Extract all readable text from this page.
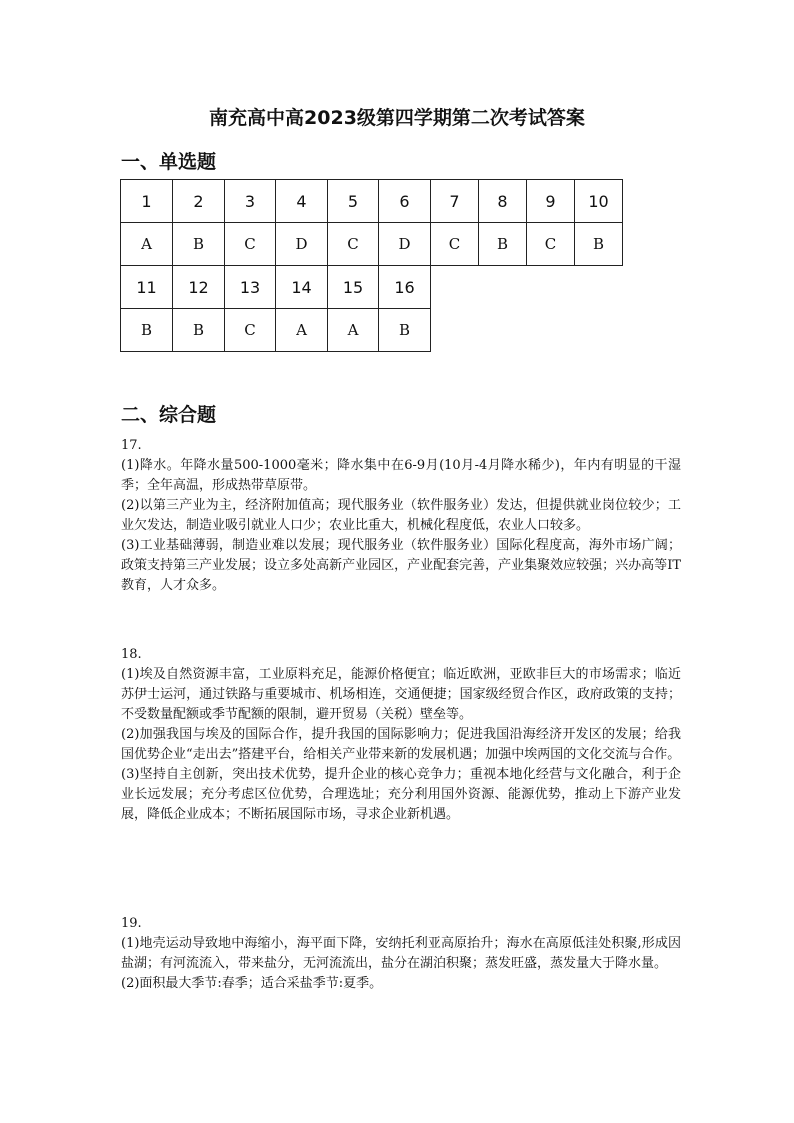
南充高中高2023级第四学期第二次考试答案
一、单选题
1	2	3	4	5	6	7	8	9	10
A	B	C	D	C	D	C	B	C	B
11	12	13	14	15	16
B	B	C	A	A	B
二、综合题

17.

(1)降水。年降水量500-1000毫米；降水集中在6-9月(10月-4月降水稀少)，年内有明显的干湿季；全年高温，形成热带草原带。

(2)以第三产业为主，经济附加值高；现代服务业（软件服务业）发达，但提供就业岗位较少；工业欠发达，制造业吸引就业人口少；农业比重大，机械化程度低，农业人口较多。

(3)工业基础薄弱，制造业难以发展；现代服务业（软件服务业）国际化程度高，海外市场广阔；政策支持第三产业发展；设立多处高新产业园区，产业配套完善，产业集聚效应较强；兴办高等IT教育，人才众多。

18.

(1)埃及自然资源丰富，工业原料充足，能源价格便宜；临近欧洲，亚欧非巨大的市场需求；临近苏伊士运河，通过铁路与重要城市、机场相连，交通便捷；国家级经贸合作区，政府政策的支持；不受数量配额或季节配额的限制，避开贸易（关税）壁垒等。

(2)加强我国与埃及的国际合作，提升我国的国际影响力；促进我国沿海经济开发区的发展；给我国优势企业“走出去”搭建平台，给相关产业带来新的发展机遇；加强中埃两国的文化交流与合作。

(3)坚持自主创新，突出技术优势，提升企业的核心竞争力；重视本地化经营与文化融合，利于企业长远发展；充分考虑区位优势，合理选址；充分利用国外资源、能源优势，推动上下游产业发展，降低企业成本；不断拓展国际市场，寻求企业新机遇。

19.

(1)地壳运动导致地中海缩小，海平面下降，安纳托利亚高原抬升；海水在高原低洼处积聚,形成因盐湖；有河流流入，带来盐分，无河流流出，盐分在湖泊积聚；蒸发旺盛，蒸发量大于降水量。

(2)面积最大季节:春季；适合采盐季节:夏季。
